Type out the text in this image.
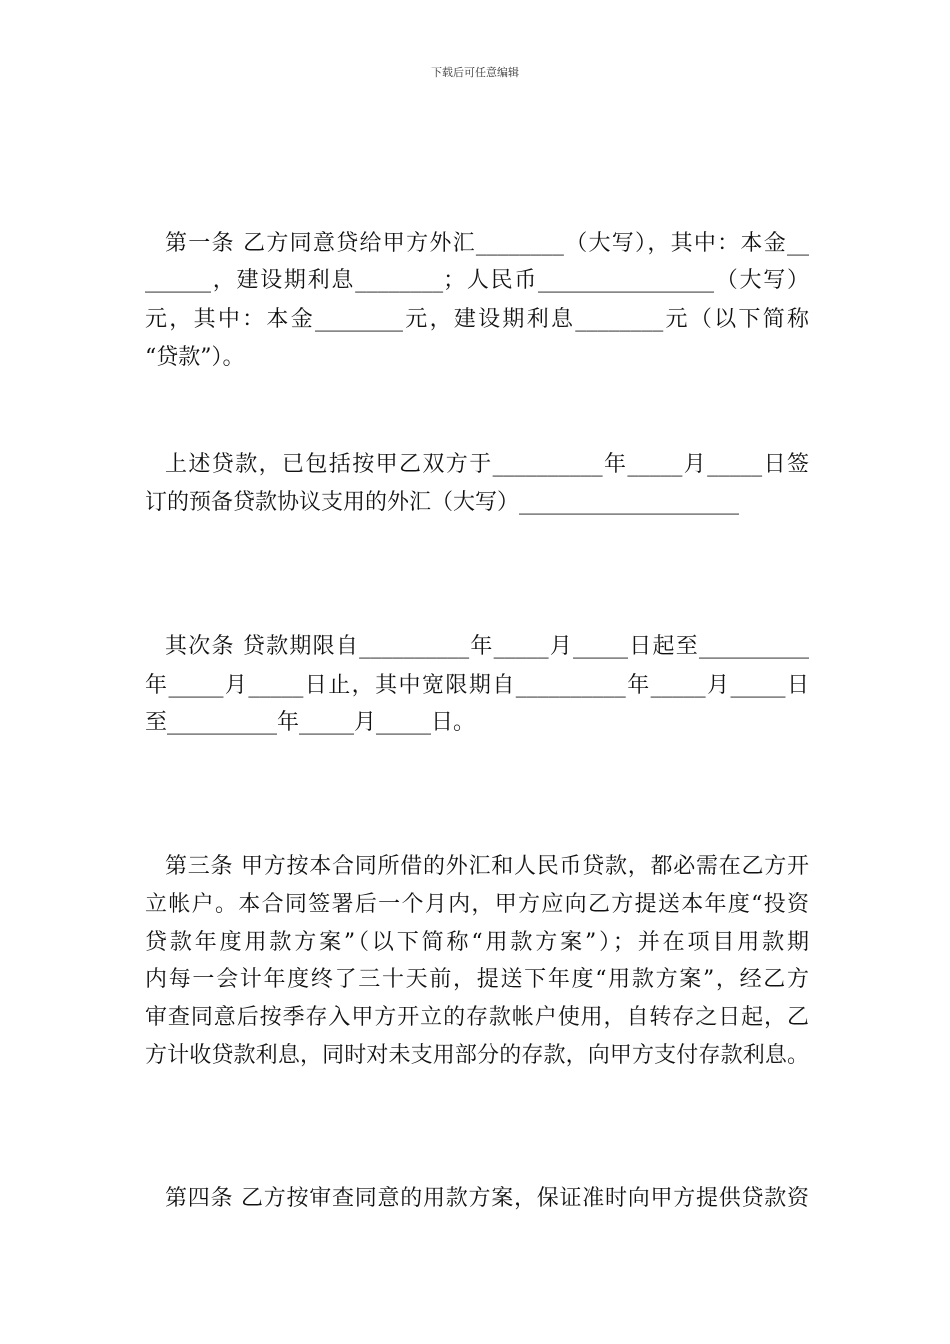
下载后可任意编辑
第一条 乙方同意贷给甲方外汇________（大写），其中：本金__
______，建设期利息________；人民币________________（大写）
元，其中：本金________元，建设期利息________元（以下简称
“贷款”）。
上述贷款，已包括按甲乙双方于__________年_____月_____日签
订的预备贷款协议支用的外汇（大写）____________________
其次条 贷款期限自__________年_____月_____日起至__________
年_____月_____日止，其中宽限期自__________年_____月_____日
至__________年_____月_____日。
第三条 甲方按本合同所借的外汇和人民币贷款，都必需在乙方开
立帐户。本合同签署后一个月内，甲方应向乙方提送本年度“投资
贷款年度用款方案”（以下简称“用款方案”）；并在项目用款期
内每一会计年度终了三十天前，提送下年度“用款方案”，经乙方
审查同意后按季存入甲方开立的存款帐户使用，自转存之日起，乙
方计收贷款利息，同时对未支用部分的存款，向甲方支付存款利息。
第四条 乙方按审查同意的用款方案，保证准时向甲方提供贷款资
